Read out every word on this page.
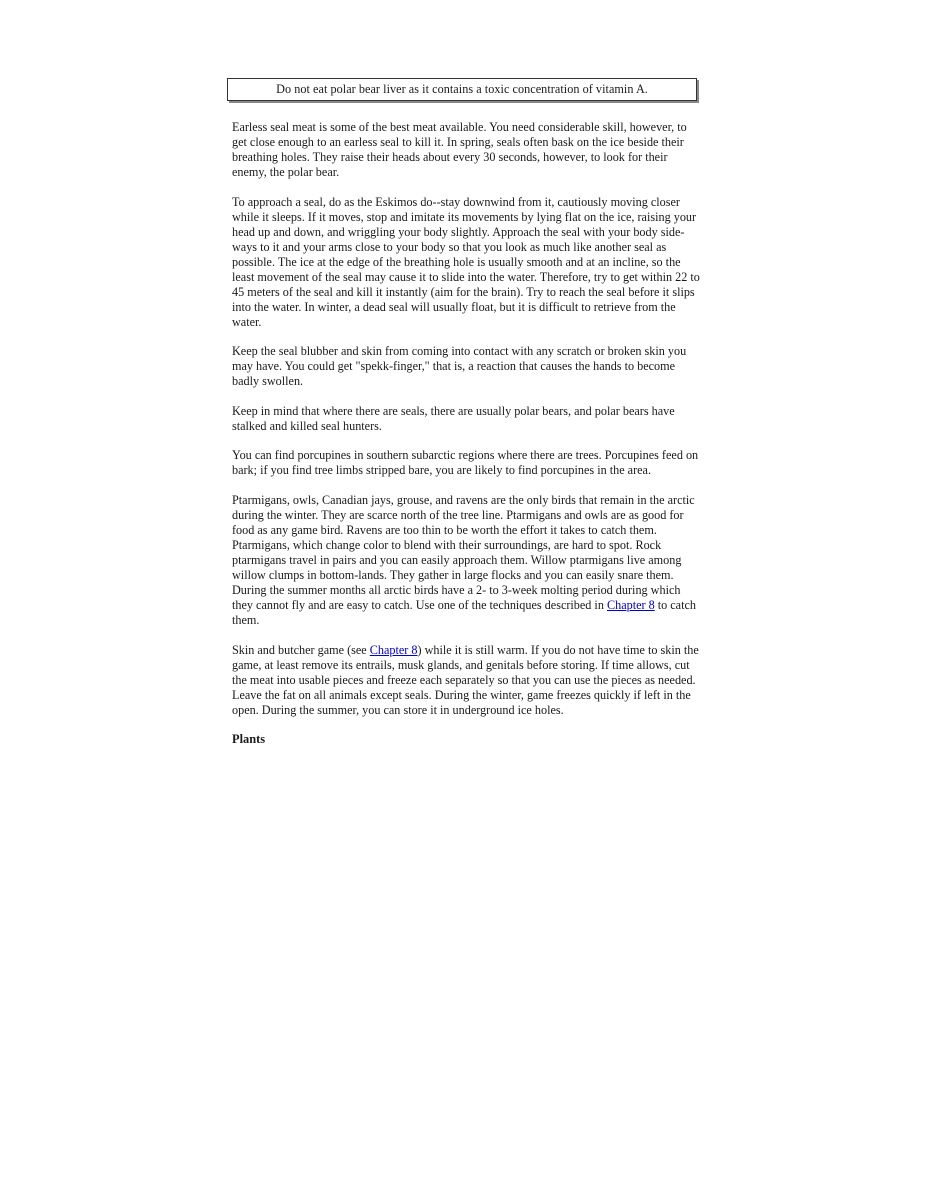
Do not eat polar bear liver as it contains a toxic concentration of vitamin A.

Earless seal meat is some of the best meat available. You need considerable skill, however, to get close enough to an earless seal to kill it. In spring, seals often bask on the ice beside their breathing holes. They raise their heads about every 30 seconds, however, to look for their enemy, the polar bear.

To approach a seal, do as the Eskimos do--stay downwind from it, cautiously moving closer while it sleeps. If it moves, stop and imitate its movements by lying flat on the ice, raising your head up and down, and wriggling your body slightly. Approach the seal with your body side-ways to it and your arms close to your body so that you look as much like another seal as possible. The ice at the edge of the breathing hole is usually smooth and at an incline, so the least movement of the seal may cause it to slide into the water. Therefore, try to get within 22 to 45 meters of the seal and kill it instantly (aim for the brain). Try to reach the seal before it slips into the water. In winter, a dead seal will usually float, but it is difficult to retrieve from the water.

Keep the seal blubber and skin from coming into contact with any scratch or broken skin you may have. You could get "spekk-finger," that is, a reaction that causes the hands to become badly swollen.

Keep in mind that where there are seals, there are usually polar bears, and polar bears have stalked and killed seal hunters.

You can find porcupines in southern subarctic regions where there are trees. Porcupines feed on bark; if you find tree limbs stripped bare, you are likely to find porcupines in the area.

Ptarmigans, owls, Canadian jays, grouse, and ravens are the only birds that remain in the arctic during the winter. They are scarce north of the tree line. Ptarmigans and owls are as good for food as any game bird. Ravens are too thin to be worth the effort it takes to catch them. Ptarmigans, which change color to blend with their surroundings, are hard to spot. Rock ptarmigans travel in pairs and you can easily approach them. Willow ptarmigans live among willow clumps in bottom-lands. They gather in large flocks and you can easily snare them. During the summer months all arctic birds have a 2- to 3-week molting period during which they cannot fly and are easy to catch. Use one of the techniques described in Chapter 8 to catch them.

Skin and butcher game (see Chapter 8) while it is still warm. If you do not have time to skin the game, at least remove its entrails, musk glands, and genitals before storing. If time allows, cut the meat into usable pieces and freeze each separately so that you can use the pieces as needed. Leave the fat on all animals except seals. During the winter, game freezes quickly if left in the open. During the summer, you can store it in underground ice holes.

Plants
